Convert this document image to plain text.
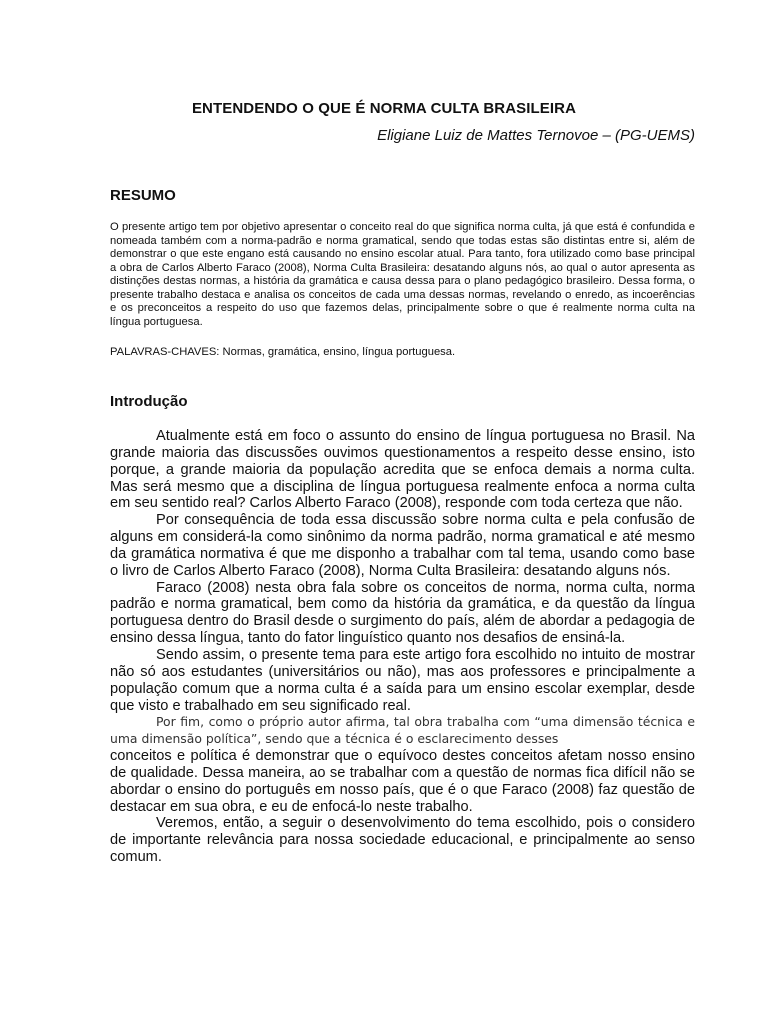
ENTENDENDO O QUE É NORMA CULTA BRASILEIRA
Eligiane Luiz de Mattes Ternovoe – (PG-UEMS)
RESUMO

O presente artigo tem por objetivo apresentar o conceito real do que significa norma culta, já que está é confundida e nomeada também com a norma-padrão e norma gramatical, sendo que todas estas são distintas entre si, além de demonstrar o que este engano está causando no ensino escolar atual. Para tanto, fora utilizado como base principal a obra de Carlos Alberto Faraco (2008), Norma Culta Brasileira: desatando alguns nós, ao qual o autor apresenta as distinções destas normas, a história da gramática e causa dessa para o plano pedagógico brasileiro. Dessa forma, o presente trabalho destaca e analisa os conceitos de cada uma dessas normas, revelando o enredo, as incoerências e os preconceitos a respeito do uso que fazemos delas, principalmente sobre o que é realmente norma culta na língua portuguesa.

PALAVRAS-CHAVES: Normas, gramática, ensino, língua portuguesa.

Introdução

Atualmente está em foco o assunto do ensino de língua portuguesa no Brasil. Na grande maioria das discussões ouvimos questionamentos a respeito desse ensino, isto porque, a grande maioria da população acredita que se enfoca demais a norma culta. Mas será mesmo que a disciplina de língua portuguesa realmente enfoca a norma culta em seu sentido real? Carlos Alberto Faraco (2008), responde com toda certeza que não.

Por consequência de toda essa discussão sobre norma culta e pela confusão de alguns em considerá-la como sinônimo da norma padrão, norma gramatical e até mesmo da gramática normativa é que me disponho a trabalhar com tal tema, usando como base o livro de Carlos Alberto Faraco (2008), Norma Culta Brasileira: desatando alguns nós.

Faraco (2008) nesta obra fala sobre os conceitos de norma, norma culta, norma padrão e norma gramatical, bem como da história da gramática, e da questão da língua portuguesa dentro do Brasil desde o surgimento do país, além de abordar a pedagogia de ensino dessa língua, tanto do fator linguístico quanto nos desafios de ensiná-la.

Sendo assim, o presente tema para este artigo fora escolhido no intuito de mostrar não só aos estudantes (universitários ou não), mas aos professores e principalmente a população comum que a norma culta é a saída para um ensino escolar exemplar, desde que visto e trabalhado em seu significado real.

Por fim, como o próprio autor afirma, tal obra trabalha com “uma dimensão técnica e uma dimensão política”, sendo que a técnica é o esclarecimento desses

conceitos e política é demonstrar que o equívoco destes conceitos afetam nosso ensino de qualidade. Dessa maneira, ao se trabalhar com a questão de normas fica difícil não se abordar o ensino do português em nosso país, que é o que Faraco (2008) faz questão de destacar em sua obra, e eu de enfocá-lo neste trabalho.

Veremos, então, a seguir o desenvolvimento do tema escolhido, pois o considero de importante relevância para nossa sociedade educacional, e principalmente ao senso comum.
